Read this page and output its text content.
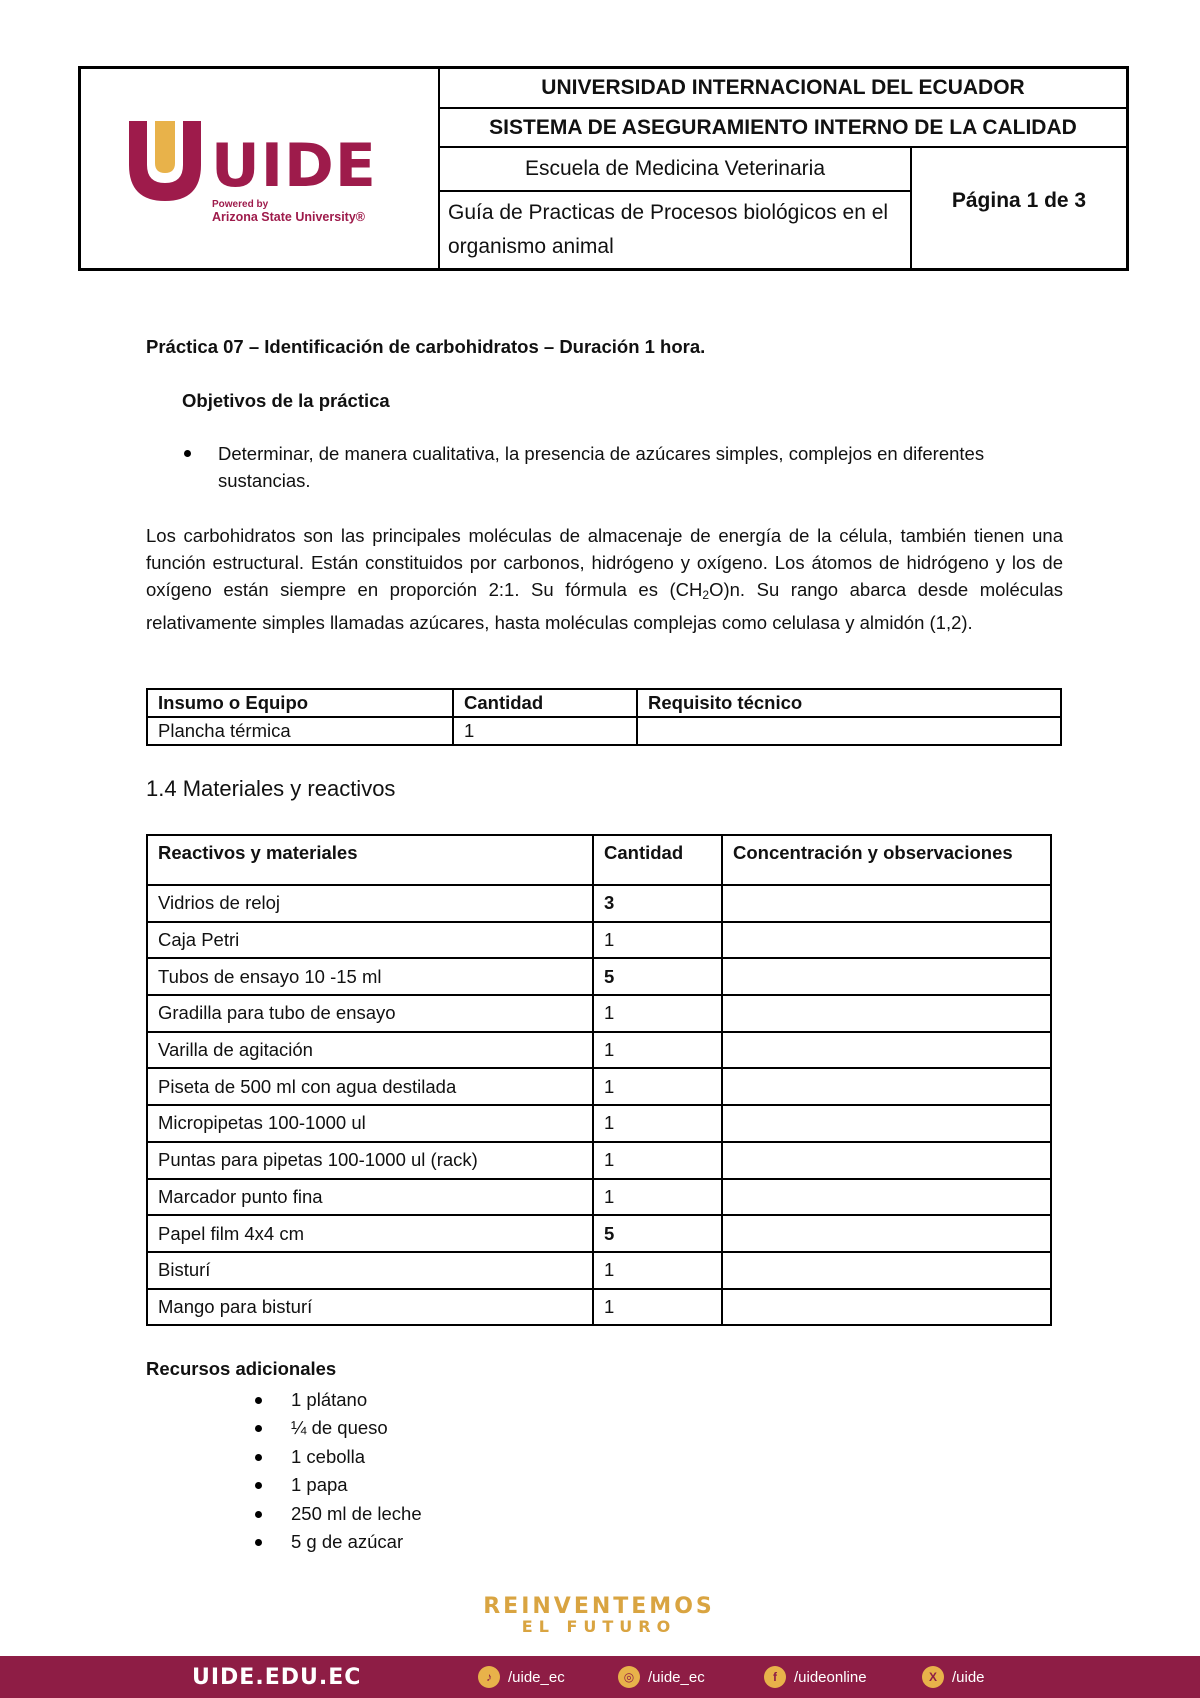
UIDE
Powered by
Arizona State University®
UNIVERSIDAD INTERNACIONAL DEL ECUADOR
SISTEMA DE ASEGURAMIENTO INTERNO DE LA CALIDAD
Escuela de Medicina Veterinaria
Guía de Practicas de Procesos biológicos en el organismo animal
Página 1 de 3
Práctica 07 – Identificación de carbohidratos – Duración 1 hora.
Objetivos de la práctica
Determinar, de manera cualitativa, la presencia de azúcares simples, complejos en diferentes sustancias.
Los carbohidratos son las principales moléculas de almacenaje de energía de la célula, también tienen una función estructural. Están constituidos por carbonos, hidrógeno y oxígeno. Los átomos de hidrógeno y los de oxígeno están siempre en proporción 2:1. Su fórmula es $(CH_2O)n$. Su rango abarca desde moléculas relativamente simples llamadas azúcares, hasta moléculas complejas como celulasa y almidón (1,2).
Insumo o Equipo	Cantidad	Requisito técnico
Plancha térmica	1	
1.4 Materiales y reactivos
Reactivos y materiales	Cantidad	Concentración y observaciones
Vidrios de reloj	3	
Caja Petri	1	
Tubos de ensayo 10 -15 ml	5	
Gradilla para tubo de ensayo	1	
Varilla de agitación	1	
Piseta de 500 ml con agua destilada	1	
Micropipetas 100-1000 ul	1	
Puntas para pipetas 100-1000 ul (rack)	1	
Marcador punto fina	1	
Papel film 4x4 cm	5	
Bisturí	1	
Mango para bisturí	1	
Recursos adicionales
1 plátano
¼ de queso
1 cebolla
1 papa
250 ml de leche
5 g de azúcar
REINVENTEMOS
EL FUTURO
UIDE.EDU.EC	♪	/uide_ec	◎ /uide_ec	f	/uideonline	X	/uide
